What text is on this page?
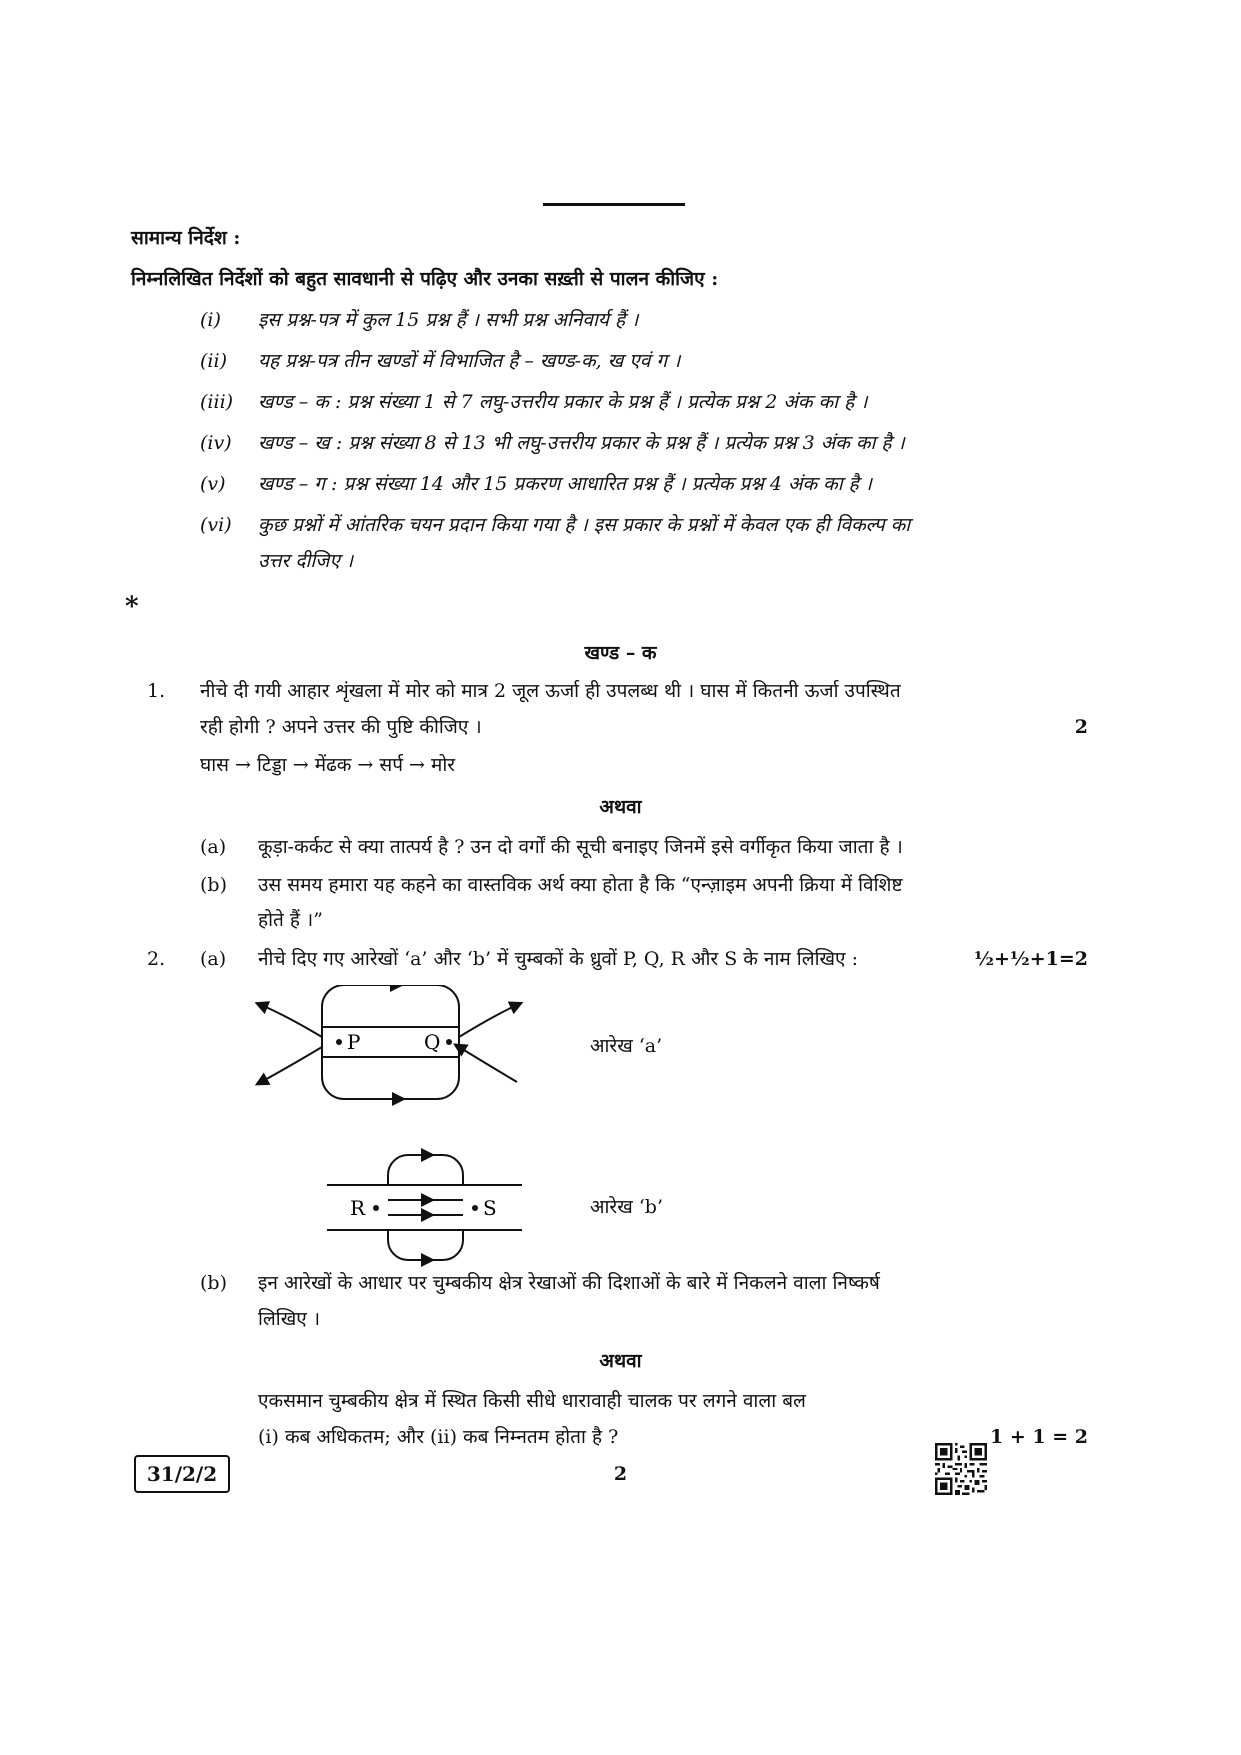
सामान्य निर्देश :
निम्नलिखित निर्देशों को बहुत सावधानी से पढ़िए और उनका सख़्ती से पालन कीजिए :
(i) इस प्रश्न-पत्र में कुल 15 प्रश्न हैं । सभी प्रश्न अनिवार्य हैं ।
(ii) यह प्रश्न-पत्र तीन खण्डों में विभाजित है – खण्ड-क, ख एवं ग ।
(iii) खण्ड – क : प्रश्न संख्या 1 से 7 लघु-उत्तरीय प्रकार के प्रश्न हैं । प्रत्येक प्रश्न 2 अंक का है ।
(iv) खण्ड – ख : प्रश्न संख्या 8 से 13 भी लघु-उत्तरीय प्रकार के प्रश्न हैं । प्रत्येक प्रश्न 3 अंक का है ।
(v) खण्ड – ग : प्रश्न संख्या 14 और 15 प्रकरण आधारित प्रश्न हैं । प्रत्येक प्रश्न 4 अंक का है ।
(vi) कुछ प्रश्नों में आंतरिक चयन प्रदान किया गया है । इस प्रकार के प्रश्नों में केवल एक ही विकल्प का
उत्तर दीजिए ।
*
खण्ड – क
1. नीचे दी गयी आहार शृंखला में मोर को मात्र 2 जूल ऊर्जा ही उपलब्ध थी । घास में कितनी ऊर्जा उपस्थित
रही होगी ? अपने उत्तर की पुष्टि कीजिए ।	2
घास → टिड्डा → मेंढक → सर्प → मोर
अथवा
(a) कूड़ा-कर्कट से क्या तात्पर्य है ? उन दो वर्गों की सूची बनाइए जिनमें इसे वर्गीकृत किया जाता है ।
(b) उस समय हमारा यह कहने का वास्तविक अर्थ क्या होता है कि “एन्ज़ाइम अपनी क्रिया में विशिष्ट
होते हैं ।”
2. (a) नीचे दिए गए आरेखों ‘a’ और ‘b’ में चुम्बकों के ध्रुवों P, Q, R और S के नाम लिखिए :	½+½+1=2
P	Q	आरेख ‘a’
R	S	आरेख ‘b’
(b) इन आरेखों के आधार पर चुम्बकीय क्षेत्र रेखाओं की दिशाओं के बारे में निकलने वाला निष्कर्ष
लिखिए ।
अथवा
एकसमान चुम्बकीय क्षेत्र में स्थित किसी सीधे धारावाही चालक पर लगने वाला बल
(i) कब अधिकतम; और (ii) कब निम्नतम होता है ?	1 + 1 = 2
31/2/2	2
